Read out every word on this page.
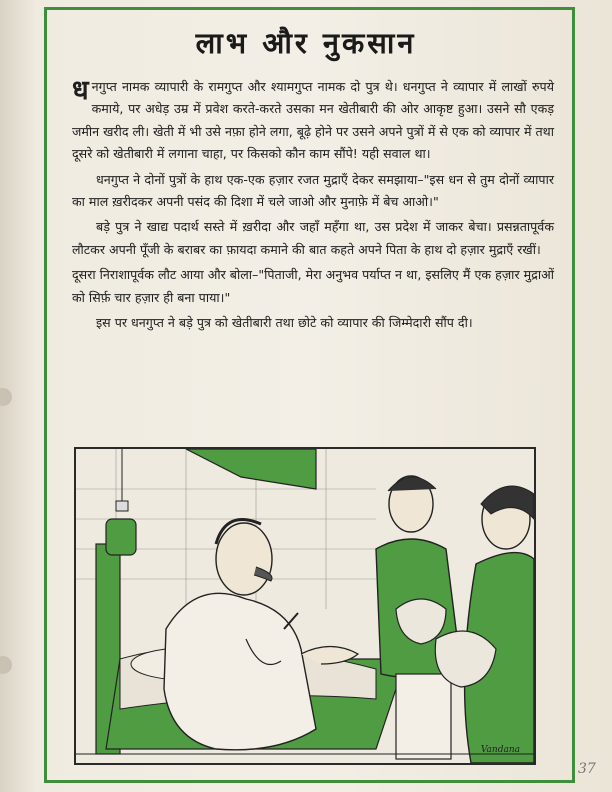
लाभ और नुकसान

धनगुप्त नामक व्यापारी के रामगुप्त और श्यामगुप्त नामक दो पुत्र थे। धनगुप्त ने व्यापार में लाखों रुपये कमाये, पर अधेड़ उम्र में प्रवेश करते-करते उसका मन खेतीबारी की ओर आकृष्ट हुआ। उसने सौ एकड़ जमीन खरीद ली। खेती में भी उसे नफ़ा होने लगा, बूढ़े होने पर उसने अपने पुत्रों में से एक को व्यापार में तथा दूसरे को खेतीबारी में लगाना चाहा, पर किसको कौन काम सौंपे! यही सवाल था।

धनगुप्त ने दोनों पुत्रों के हाथ एक-एक हज़ार रजत मुद्राएँ देकर समझाया–"इस धन से तुम दोनों व्यापार का माल ख़रीदकर अपनी पसंद की दिशा में चले जाओ और मुनाफ़े में बेच आओ।"

बड़े पुत्र ने खाद्य पदार्थ सस्ते में ख़रीदा और जहाँ महँगा था, उस प्रदेश में जाकर बेचा। प्रसन्नतापूर्वक लौटकर अपनी पूँजी के बराबर का फ़ायदा कमाने की बात कहते अपने पिता के हाथ दो हज़ार मुद्राएँ रखीं।

दूसरा निराशापूर्वक लौट आया और बोला–"पिताजी, मेरा अनुभव पर्याप्त न था, इसलिए मैं एक हज़ार मुद्राओं को सिर्फ़ चार हज़ार ही बना पाया।"

इस पर धनगुप्त ने बड़े पुत्र को खेतीबारी तथा छोटे को व्यापार की जिम्मेदारी सौंप दी।

Vandana
37
